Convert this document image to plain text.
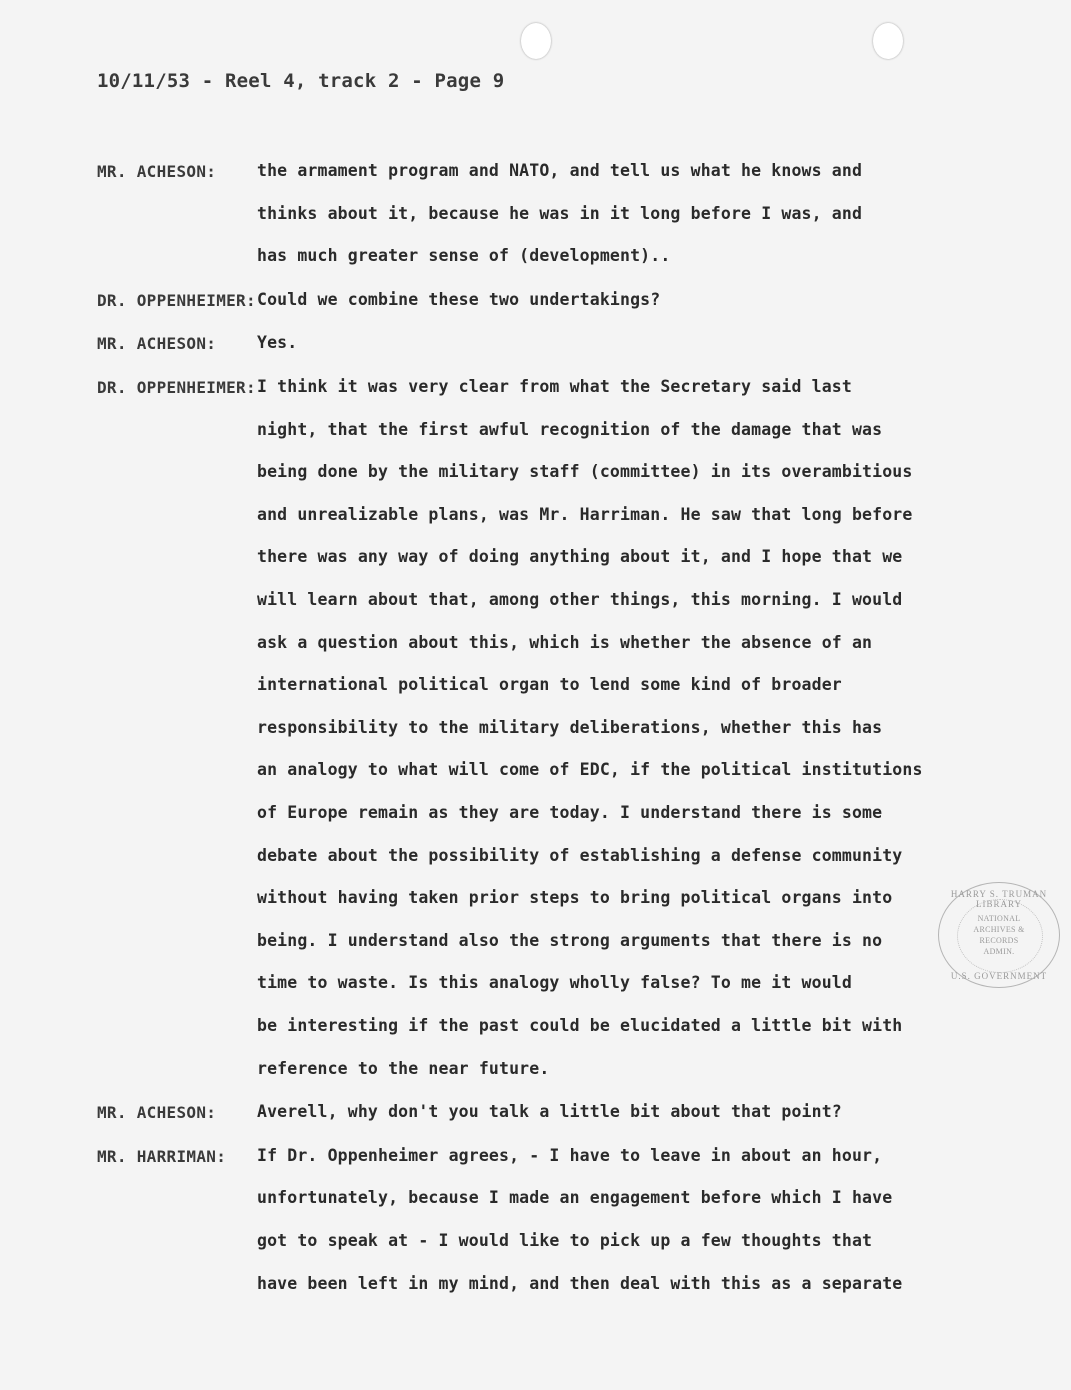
10/11/53 - Reel 4, track 2 - Page 9
MR. ACHESON: the armament program and NATO, and tell us what he knows and
thinks about it, because he was in it long before I was, and
has much greater sense of (development)..
DR. OPPENHEIMER: Could we combine these two undertakings?
MR. ACHESON: Yes.
DR. OPPENHEIMER: I think it was very clear from what the Secretary said last
night, that the first awful recognition of the damage that was
being done by the military staff (committee) in its overambitious
and unrealizable plans, was Mr. Harriman. He saw that long before
there was any way of doing anything about it, and I hope that we
will learn about that, among other things, this morning. I would
ask a question about this, which is whether the absence of an
international political organ to lend some kind of broader
responsibility to the military deliberations, whether this has
an analogy to what will come of EDC, if the political institutions
of Europe remain as they are today. I understand there is some
debate about the possibility of establishing a defense community
without having taken prior steps to bring political organs into
being. I understand also the strong arguments that there is no
time to waste. Is this analogy wholly false? To me it would
be interesting if the past could be elucidated a little bit with
reference to the near future.
MR. ACHESON: Averell, why don't you talk a little bit about that point?
MR. HARRIMAN: If Dr. Oppenheimer agrees, - I have to leave in about an hour,
unfortunately, because I made an engagement before which I have
got to speak at - I would like to pick up a few thoughts that
have been left in my mind, and then deal with this as a separate
HARRY S. TRUMAN LIBRARY
NATIONAL
ARCHIVES &
RECORDS
ADMIN.
U.S. GOVERNMENT
